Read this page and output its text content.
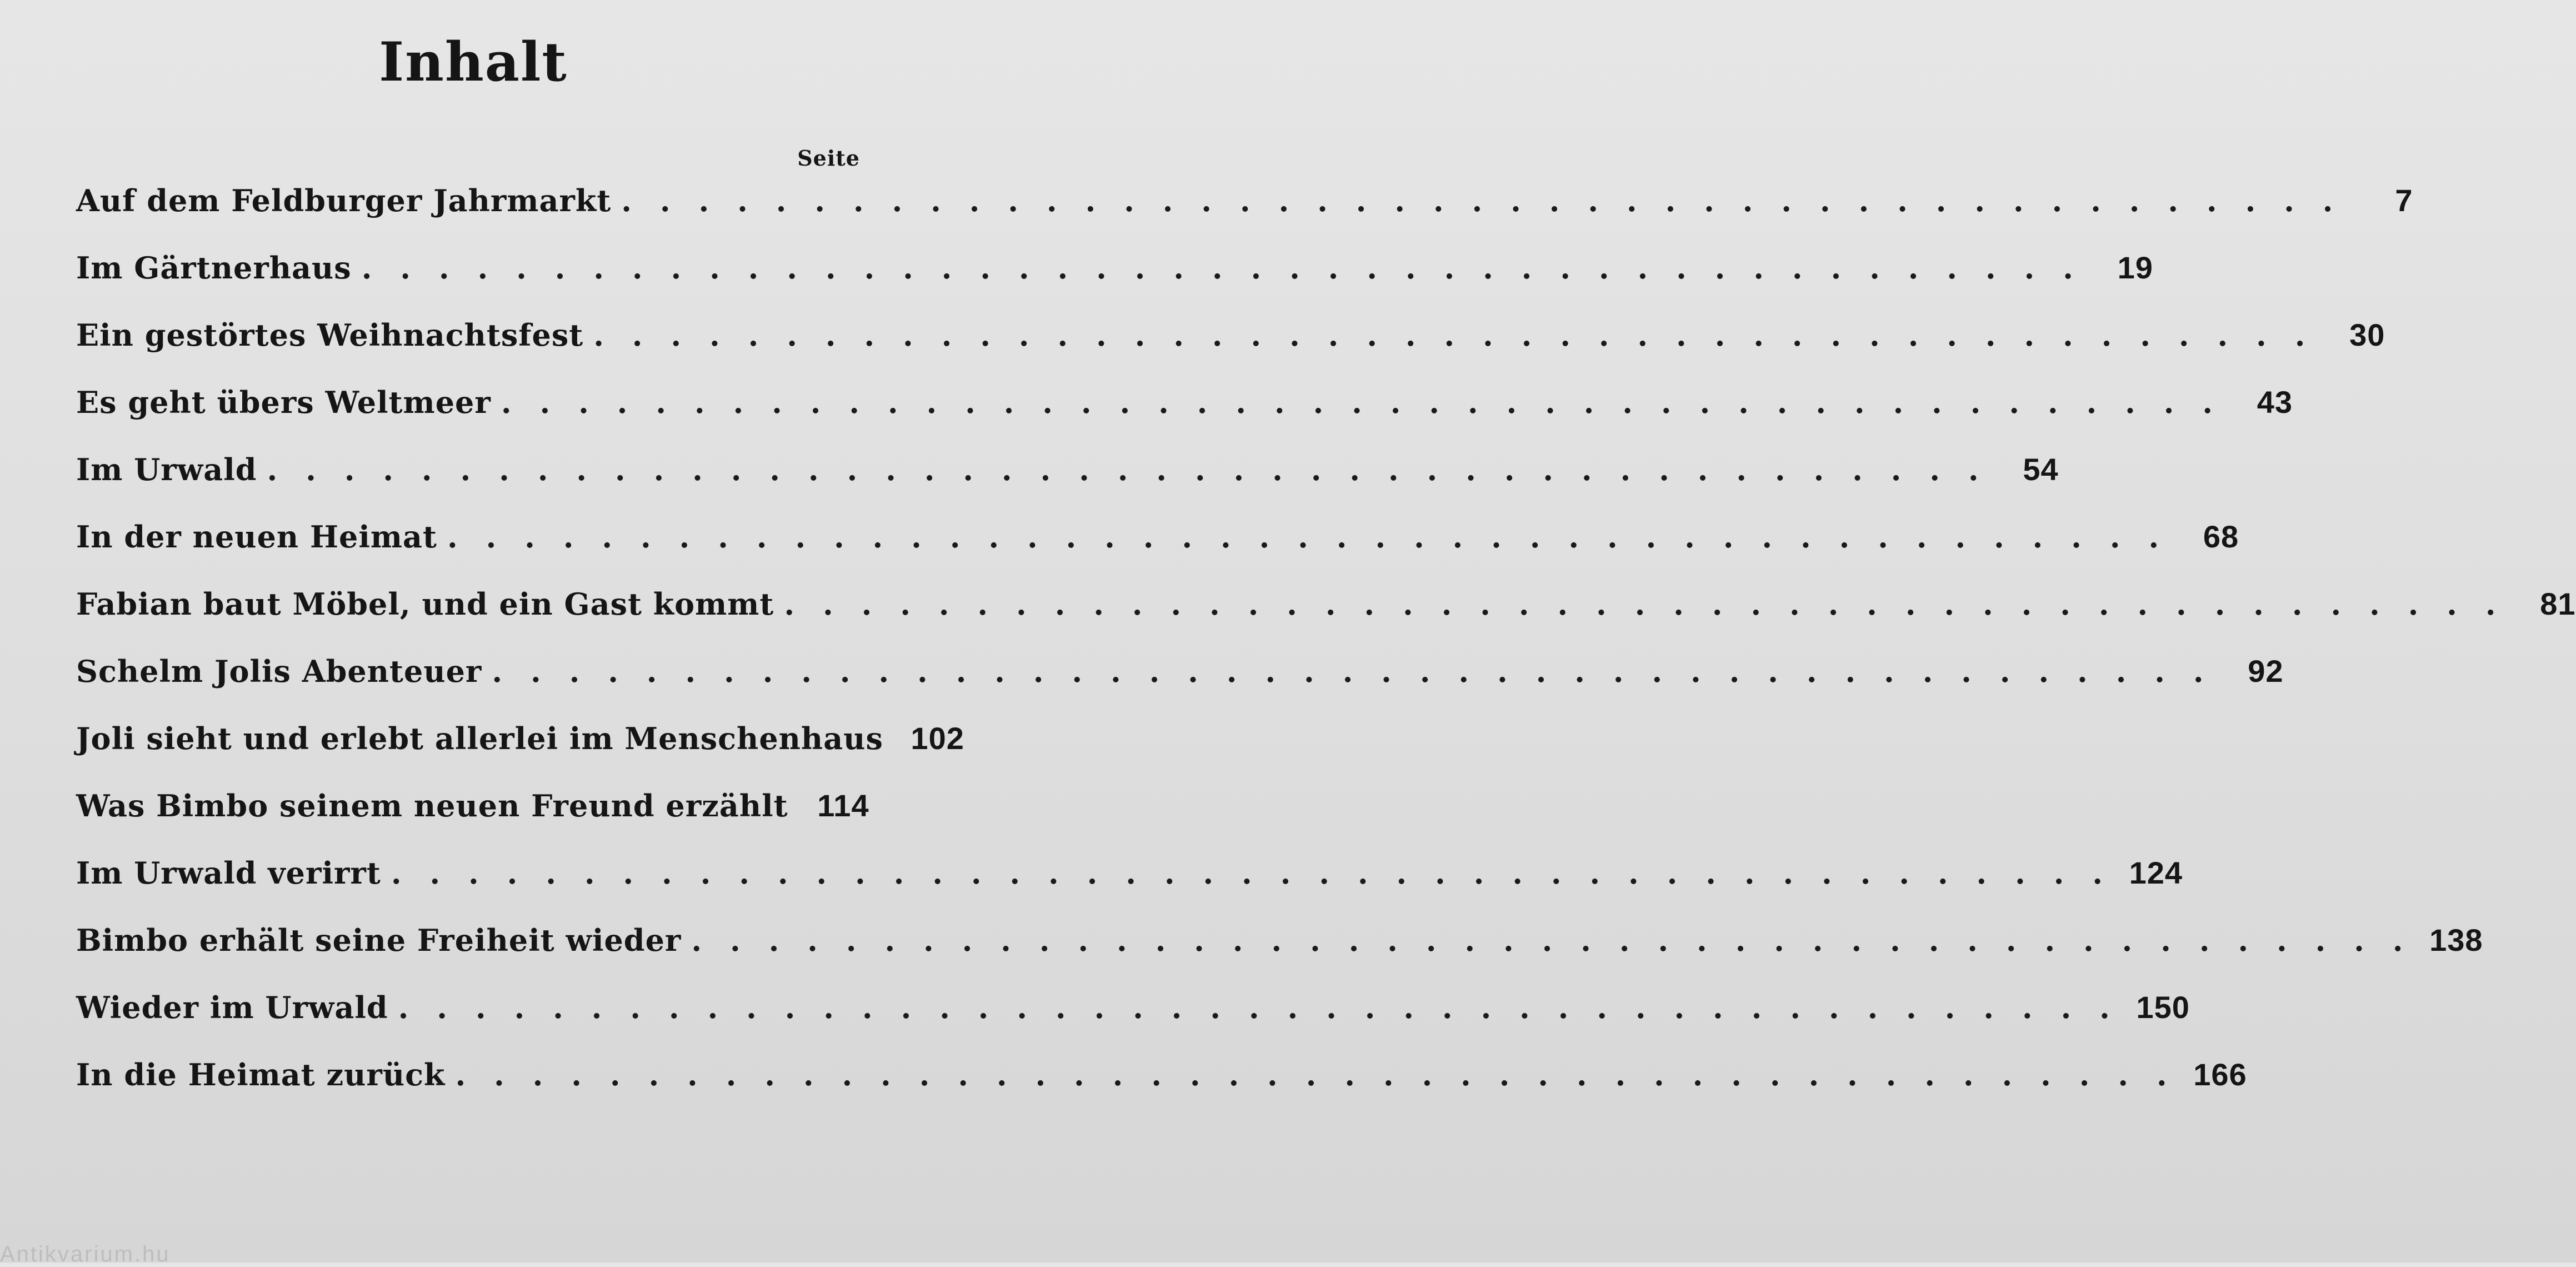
Inhalt
Seite
Auf dem Feldburger Jahrmarkt . . .	7
Im Gärtnerhaus . . .	19
Ein gestörtes Weihnachtsfest . . .	30
Es geht übers Weltmeer . . .	43
Im Urwald . . .	54
In der neuen Heimat . . .	68
Fabian baut Möbel, und ein Gast kommt . . .	81
Schelm Jolis Abenteuer . . .	92
Joli sieht und erlebt allerlei im Menschenhaus 102
Was Bimbo seinem neuen Freund erzählt 114
Im Urwald verirrt . . .	124
Bimbo erhält seine Freiheit wieder . . .	138
Wieder im Urwald . . .	150
In die Heimat zurück . . .	166
Antikvarium.hu
